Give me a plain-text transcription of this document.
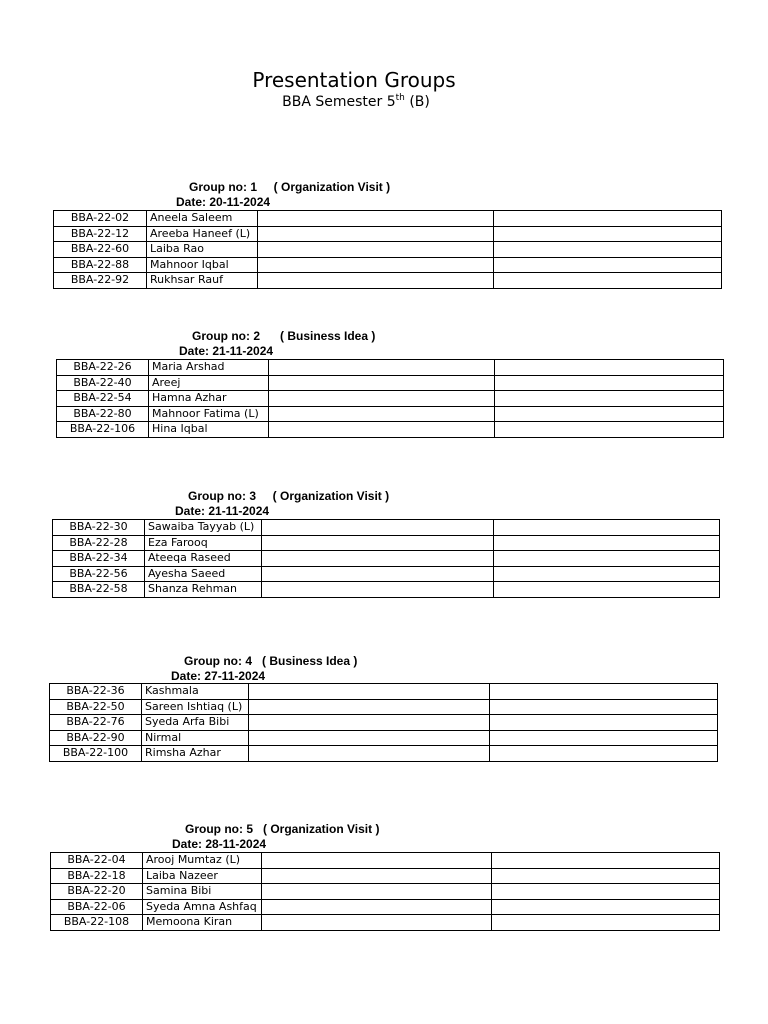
Presentation Groups
BBA Semester 5th (B)
Group no: 1     ( Organization Visit )
Date: 20-11-2024
BBA-22-02	Aneela Saleem		
BBA-22-12	Areeba Haneef (L)		
BBA-22-60	Laiba Rao		
BBA-22-88	Mahnoor Iqbal		
BBA-22-92	Rukhsar Rauf		
Group no: 2      ( Business Idea )
Date: 21-11-2024
BBA-22-26	Maria Arshad		
BBA-22-40	Areej		
BBA-22-54	Hamna Azhar		
BBA-22-80	Mahnoor Fatima (L)		
BBA-22-106	Hina Iqbal		
Group no: 3     ( Organization Visit )
Date: 21-11-2024
BBA-22-30	Sawaiba Tayyab (L)		
BBA-22-28	Eza Farooq		
BBA-22-34	Ateeqa Raseed		
BBA-22-56	Ayesha Saeed		
BBA-22-58	Shanza Rehman		
Group no: 4   ( Business Idea )
Date: 27-11-2024
BBA-22-36	Kashmala		
BBA-22-50	Sareen Ishtiaq (L)		
BBA-22-76	Syeda Arfa Bibi		
BBA-22-90	Nirmal		
BBA-22-100	Rimsha Azhar		
Group no: 5   ( Organization Visit )
Date: 28-11-2024
BBA-22-04	Arooj Mumtaz (L)		
BBA-22-18	Laiba Nazeer		
BBA-22-20	Samina Bibi		
BBA-22-06	Syeda Amna Ashfaq		
BBA-22-108	Memoona Kiran		
